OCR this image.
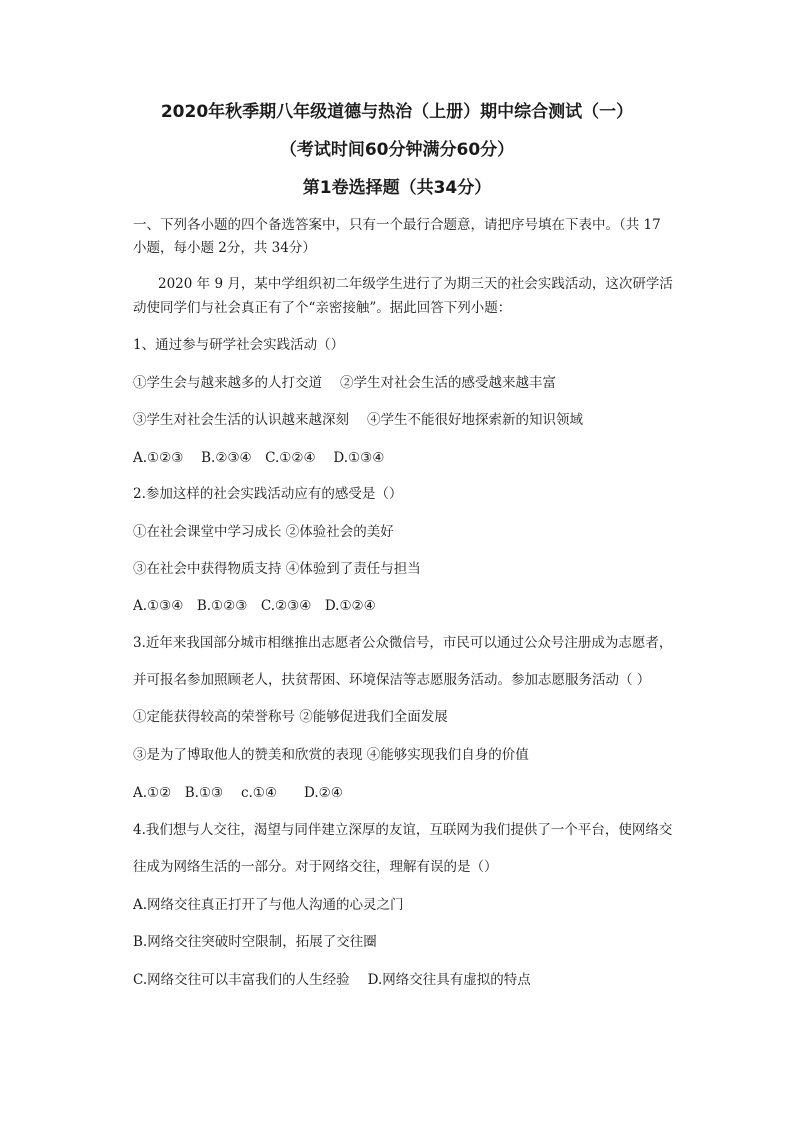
2020年秋季期八年级道德与热治（上册）期中综合测试（一）
（考试时间60分钟满分60分）
第1卷选择题（共34分）
一、下列各小题的四个备选答案中，只有一个最行合题意，请把序号填在下表中。（共 17
小题，每小题 2分，共 34分）
2020 年 9 月，某中学组织初二年级学生进行了为期三天的社会实践活动，这次研学活
动使同学们与社会真正有了个“亲密接触”。据此回答下列小题：
1、通过参与研学社会实践活动（）
①学生会与越来越多的人打交道 ②学生对社会生活的感受越来越丰富
③学生对社会生活的认识越来越深刻 ④学生不能很好地探索新的知识领域
A.①②③　 B.②③④　C.①②④　 D.①③④
2.参加这样的社会实践活动应有的感受是（）
①在社会课堂中学习成长 ②体验社会的美好
③在社会中获得物质支持 ④体验到了责任与担当
A.①③④　B.①②③　C.②③④　D.①②④
3.近年来我国部分城市相继推出志愿者公众微信号，市民可以通过公众号注册成为志愿者，
并可报名参加照顾老人，扶贫帮困、环境保洁等志愿服务活动。参加志愿服务活动（ ）
①定能获得较高的荣誉称号 ②能够促进我们全面发展
③是为了博取他人的赞美和欣赏的表现 ④能够实现我们自身的价值
A.①②　B.①③　 c.①④　　D.②④
4.我们想与人交往，渴望与同伴建立深厚的友谊，互联网为我们提供了一个平台，使网络交
往成为网络生活的一部分。对于网络交往，理解有误的是（）
A.网络交往真正打开了与他人沟通的心灵之门
B.网络交往突破时空限制，拓展了交往圈
C.网络交往可以丰富我们的人生经验 D.网络交往具有虚拟的特点
